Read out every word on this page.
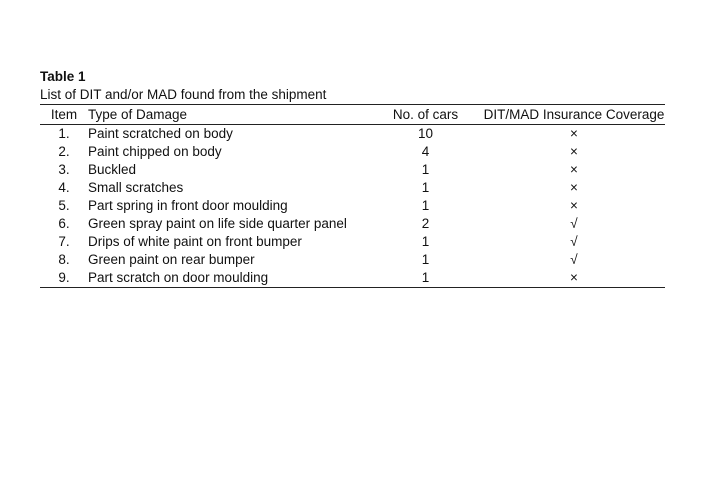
Table 1
List of DIT and/or MAD found from the shipment
Item	Type of Damage	No. of cars	DIT/MAD Insurance Coverage
1.	Paint scratched on body	10	×
2.	Paint chipped on body	4	×
3.	Buckled	1	×
4.	Small scratches	1	×
5.	Part spring in front door moulding	1	×
6.	Green spray paint on life side quarter panel	2	√
7.	Drips of white paint on front bumper	1	√
8.	Green paint on rear bumper	1	√
9.	Part scratch on door moulding	1	×
